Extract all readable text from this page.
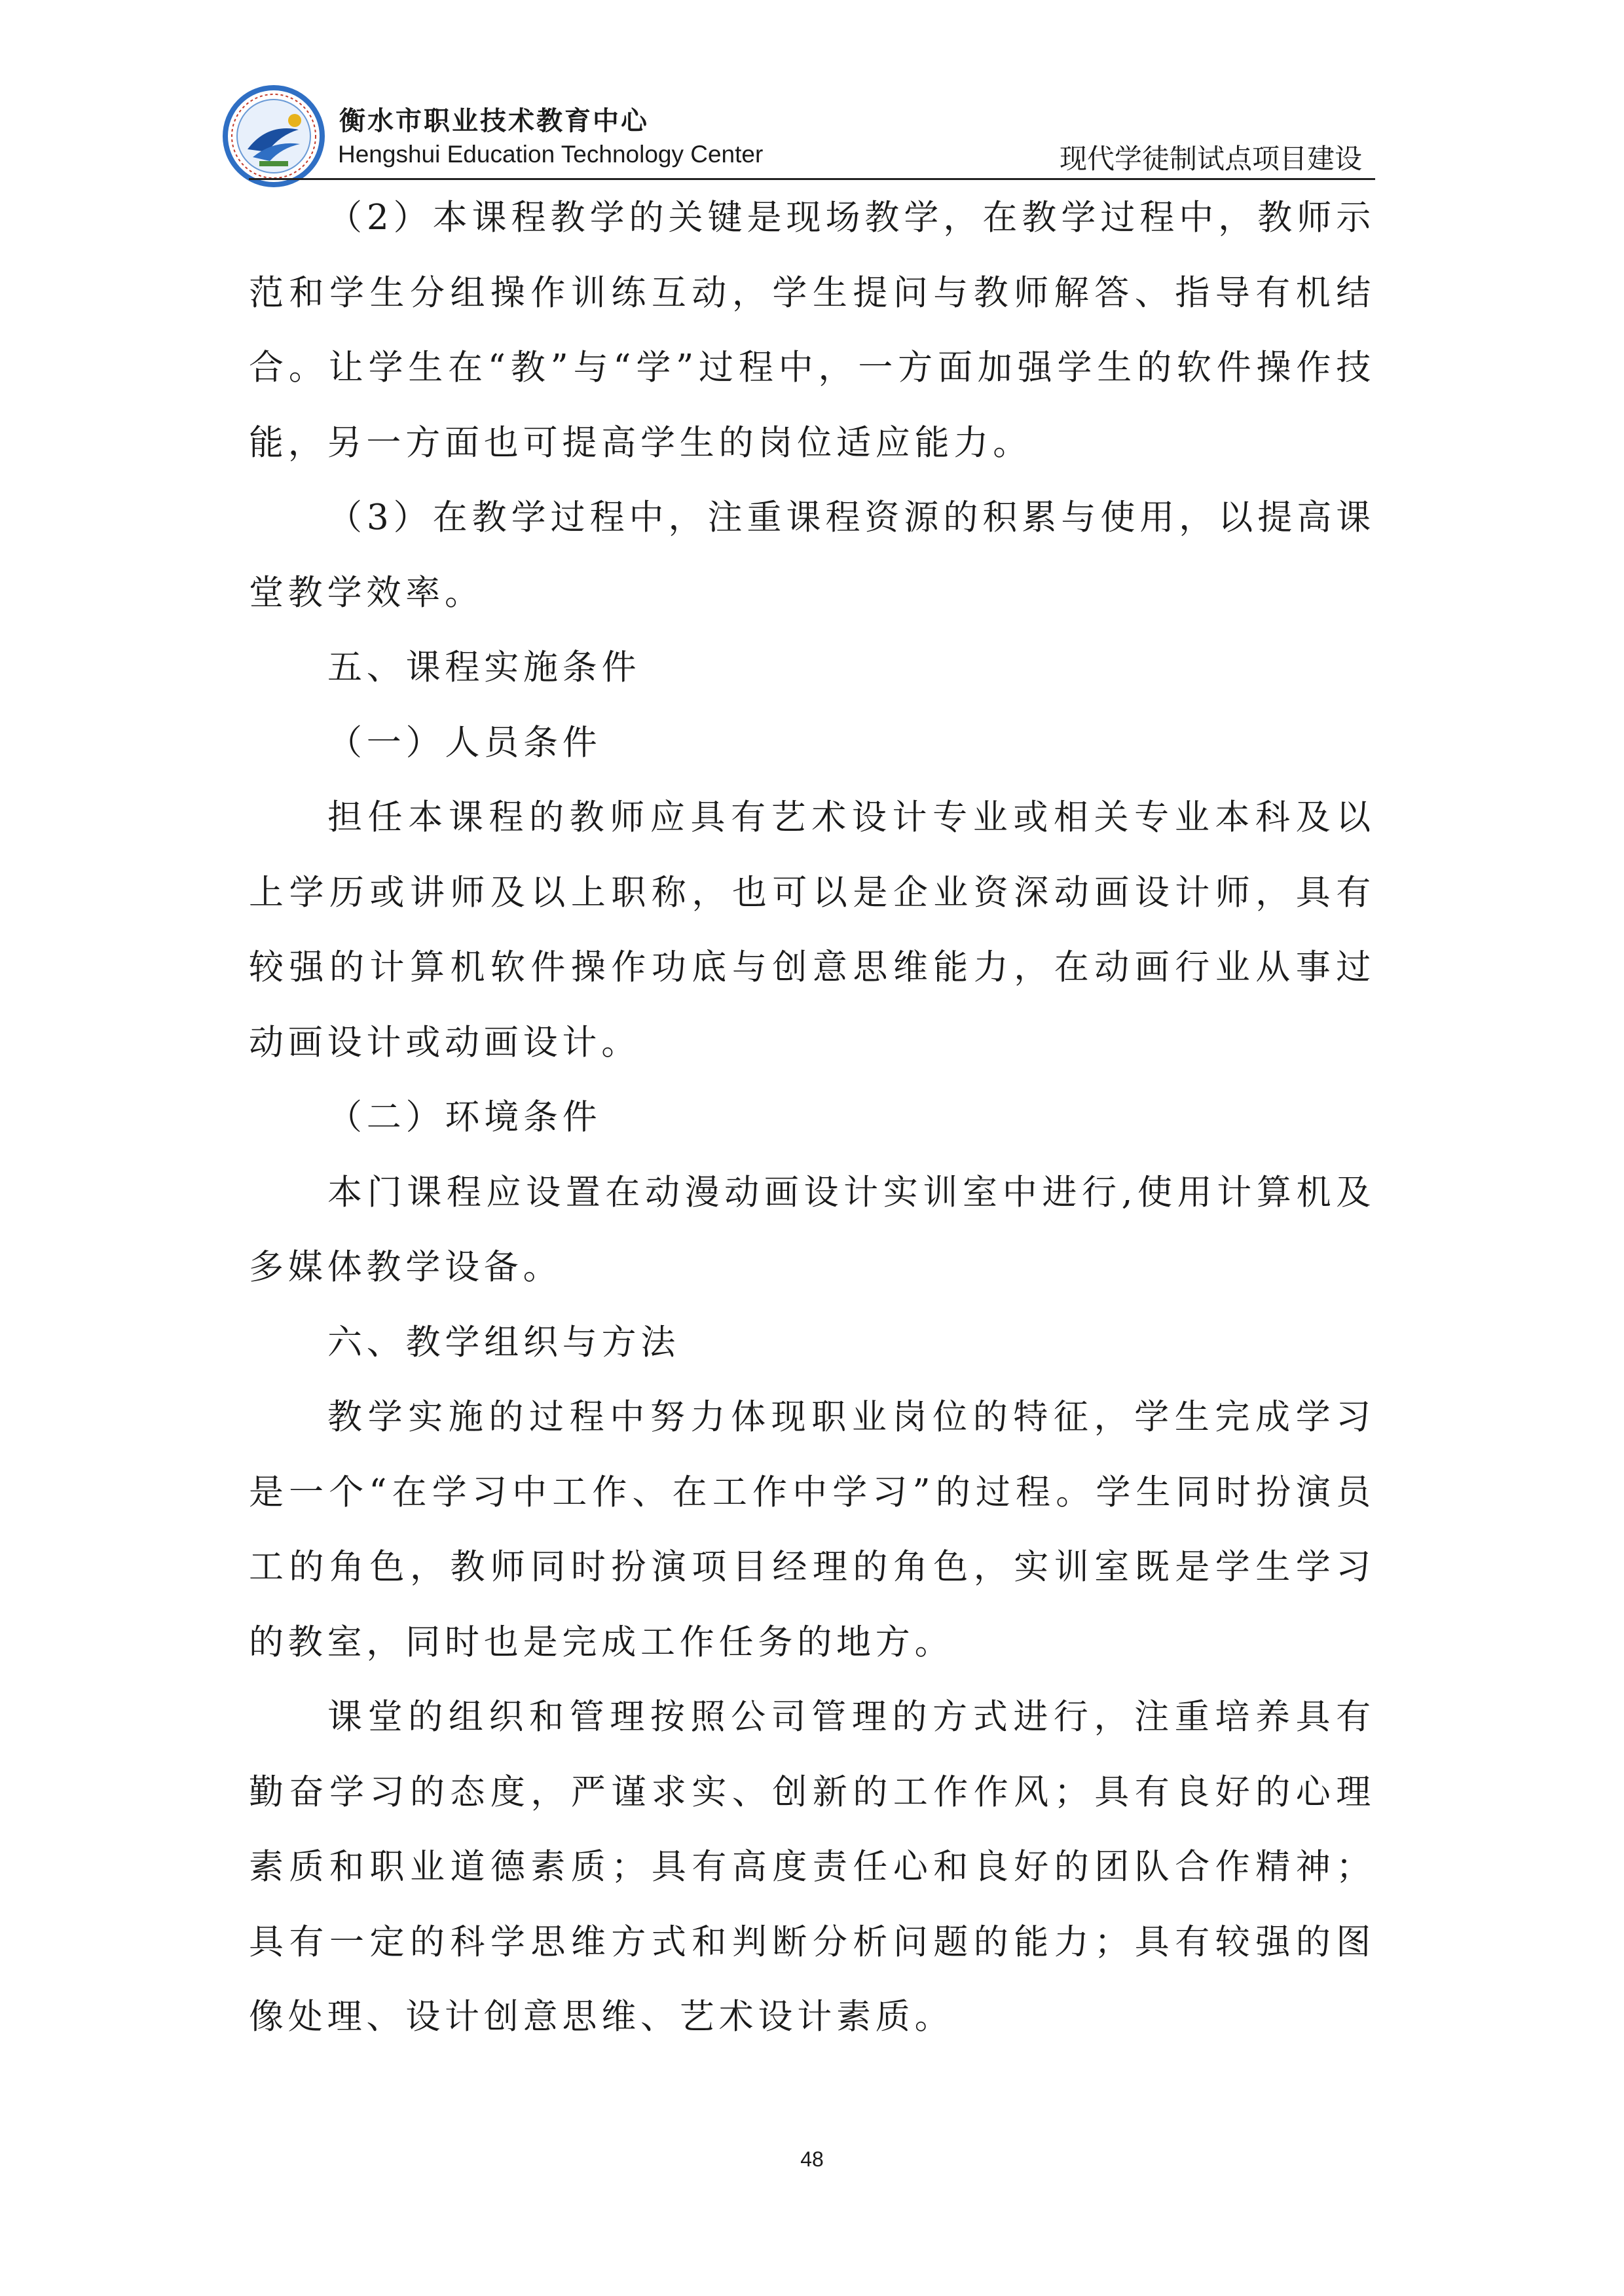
衡水市职业技术教育中心
Hengshui Education Technology Center	现代学徒制试点项目建设

（2）本课程教学的关键是现场教学，在教学过程中，教师示范和学生分组操作训练互动，学生提问与教师解答、指导有机结合。让学生在“教”与“学”过程中，一方面加强学生的软件操作技能，另一方面也可提高学生的岗位适应能力。

（3）在教学过程中，注重课程资源的积累与使用，以提高课堂教学效率。

五、课程实施条件

（一）人员条件

担任本课程的教师应具有艺术设计专业或相关专业本科及以上学历或讲师及以上职称，也可以是企业资深动画设计师，具有较强的计算机软件操作功底与创意思维能力，在动画行业从事过动画设计或动画设计。

（二）环境条件

本门课程应设置在动漫动画设计实训室中进行,使用计算机及多媒体教学设备。

六、教学组织与方法

教学实施的过程中努力体现职业岗位的特征，学生完成学习是一个“在学习中工作、在工作中学习”的过程。学生同时扮演员工的角色，教师同时扮演项目经理的角色，实训室既是学生学习的教室，同时也是完成工作任务的地方。

课堂的组织和管理按照公司管理的方式进行，注重培养具有勤奋学习的态度，严谨求实、创新的工作作风；具有良好的心理素质和职业道德素质；具有高度责任心和良好的团队合作精神；具有一定的科学思维方式和判断分析问题的能力；具有较强的图像处理、设计创意思维、艺术设计素质。

48
